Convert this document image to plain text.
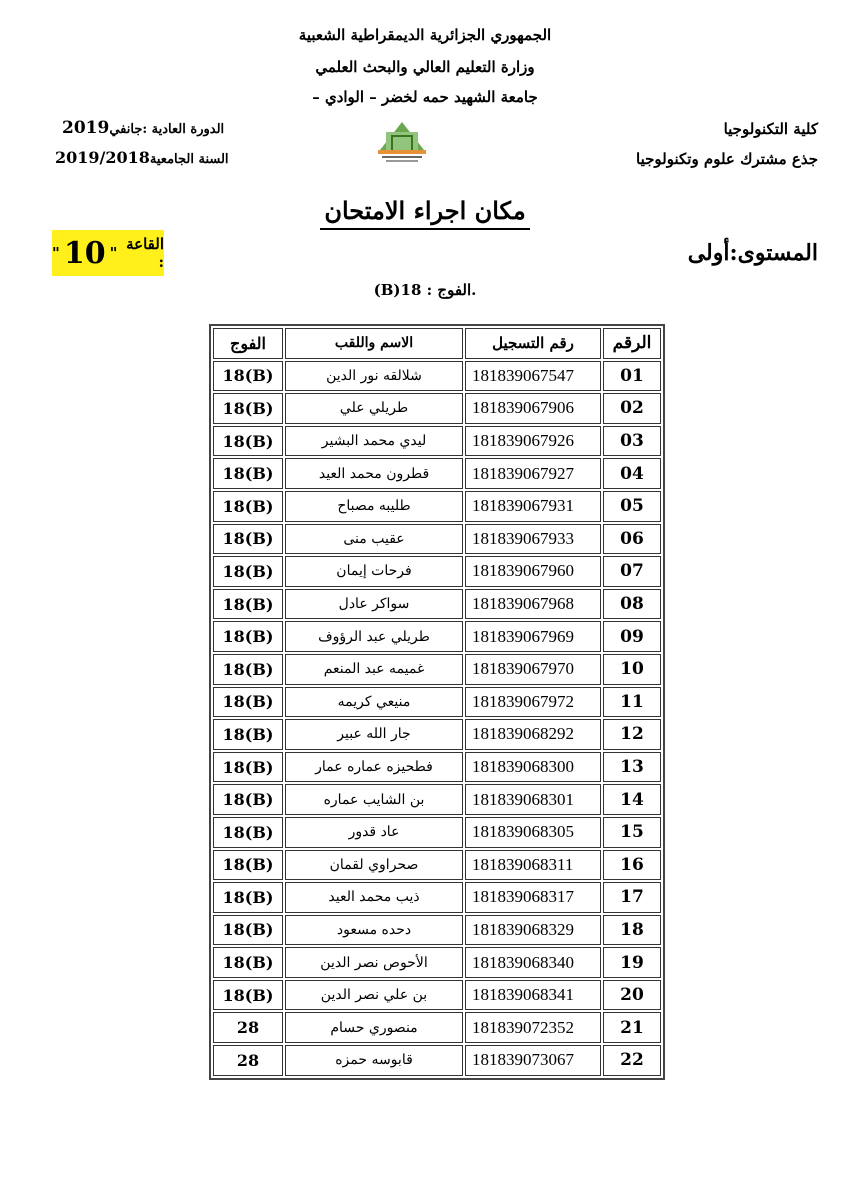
الجمهوري الجزائرية الديمقراطية الشعبية
وزارة التعليم العالي والبحث العلمي
جامعة الشهيد حمه لخضر – الوادي –
كلية التكنولوجيا
جذع مشترك علوم وتكنولوجيا
الدورة العادية :جانفي2019
السنة الجامعية2019/2018
مكان اجراء الامتحان
القاعة :
"
10
"	المستوى:أولى
.الفوج : 18(B)
الرقم	رقم التسجيل	الاسم واللقب	الفوج
01	181839067547	شلالقه نور الدين	18(B)
02	181839067906	طريلي علي	18(B)
03	181839067926	ليدي محمد البشير	18(B)
04	181839067927	قطرون محمد العيد	18(B)
05	181839067931	طليبه مصباح	18(B)
06	181839067933	عقيب منى	18(B)
07	181839067960	فرحات إيمان	18(B)
08	181839067968	سواكر عادل	18(B)
09	181839067969	طريلي عبد الرؤوف	18(B)
10	181839067970	غميمه عبد المنعم	18(B)
11	181839067972	منيعي كريمه	18(B)
12	181839068292	جار الله عبير	18(B)
13	181839068300	فطحيزه عماره عمار	18(B)
14	181839068301	بن الشايب عماره	18(B)
15	181839068305	عاد قدور	18(B)
16	181839068311	صحراوي لقمان	18(B)
17	181839068317	ذيب محمد العيد	18(B)
18	181839068329	دحده مسعود	18(B)
19	181839068340	الأحوص نصر الدين	18(B)
20	181839068341	بن علي نصر الدين	18(B)
21	181839072352	منصوري حسام	28
22	181839073067	قابوسه حمزه	28
